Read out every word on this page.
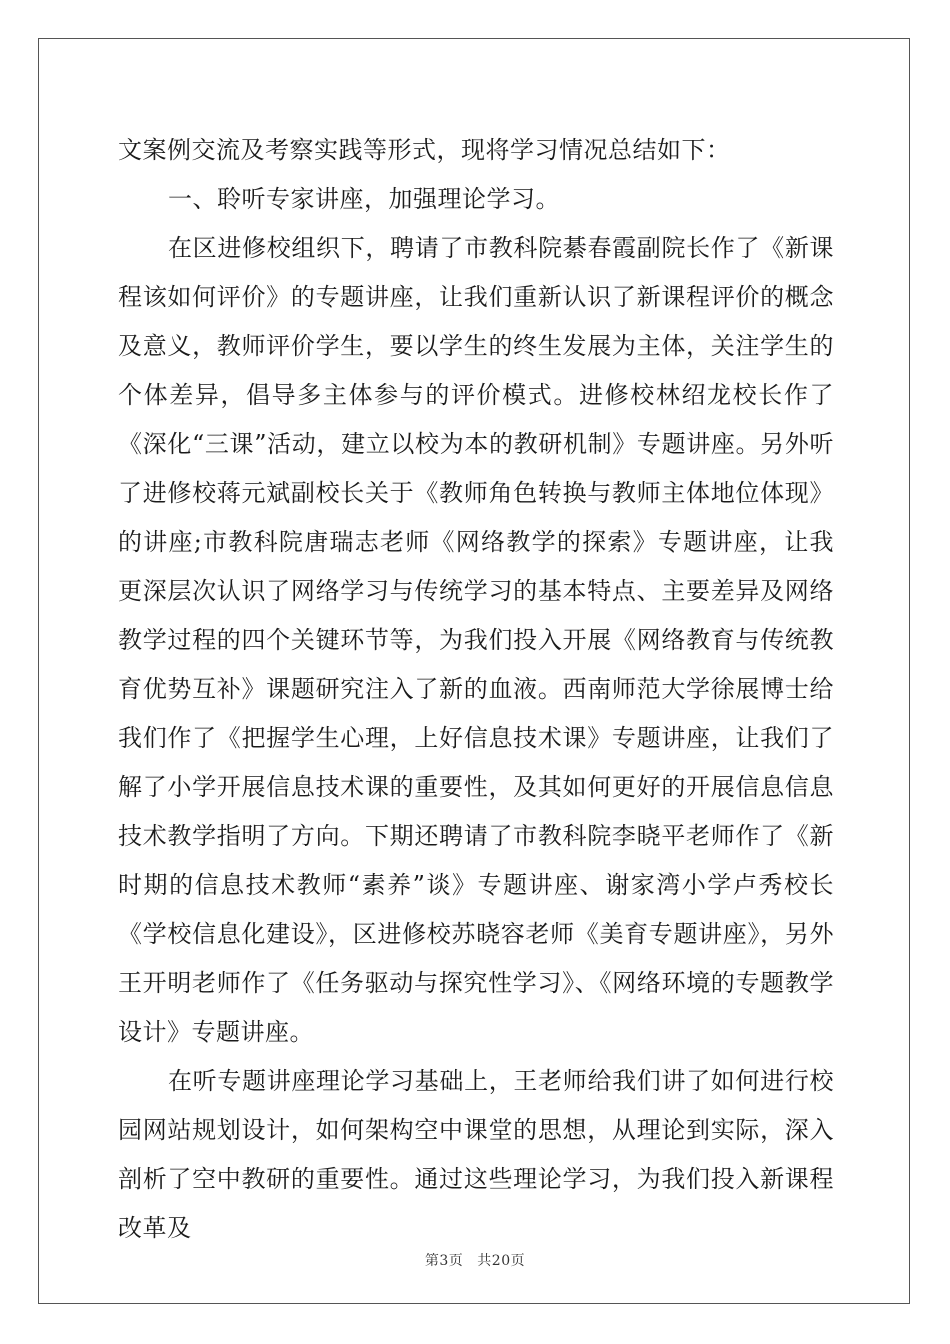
文案例交流及考察实践等形式，现将学习情况总结如下：

一、聆听专家讲座，加强理论学习。

在区进修校组织下，聘请了市教科院綦春霞副院长作了《新课程该如何评价》的专题讲座，让我们重新认识了新课程评价的概念及意义，教师评价学生，要以学生的终生发展为主体，关注学生的个体差异，倡导多主体参与的评价模式。进修校林绍龙校长作了《深化“三课”活动，建立以校为本的教研机制》专题讲座。另外听了进修校蒋元斌副校长关于《教师角色转换与教师主体地位体现》的讲座;市教科院唐瑞志老师《网络教学的探索》专题讲座，让我更深层次认识了网络学习与传统学习的基本特点、主要差异及网络教学过程的四个关键环节等，为我们投入开展《网络教育与传统教育优势互补》课题研究注入了新的血液。西南师范大学徐展博士给我们作了《把握学生心理，上好信息技术课》专题讲座，让我们了解了小学开展信息技术课的重要性，及其如何更好的开展信息信息技术教学指明了方向。下期还聘请了市教科院李晓平老师作了《新时期的信息技术教师“素养”谈》专题讲座、谢家湾小学卢秀校长《学校信息化建设》，区进修校苏晓容老师《美育专题讲座》，另外王开明老师作了《任务驱动与探究性学习》、《网络环境的专题教学设计》专题讲座。

在听专题讲座理论学习基础上，王老师给我们讲了如何进行校园网站规划设计，如何架构空中课堂的思想，从理论到实际，深入剖析了空中教研的重要性。通过这些理论学习，为我们投入新课程改革及

第3页 共20页
